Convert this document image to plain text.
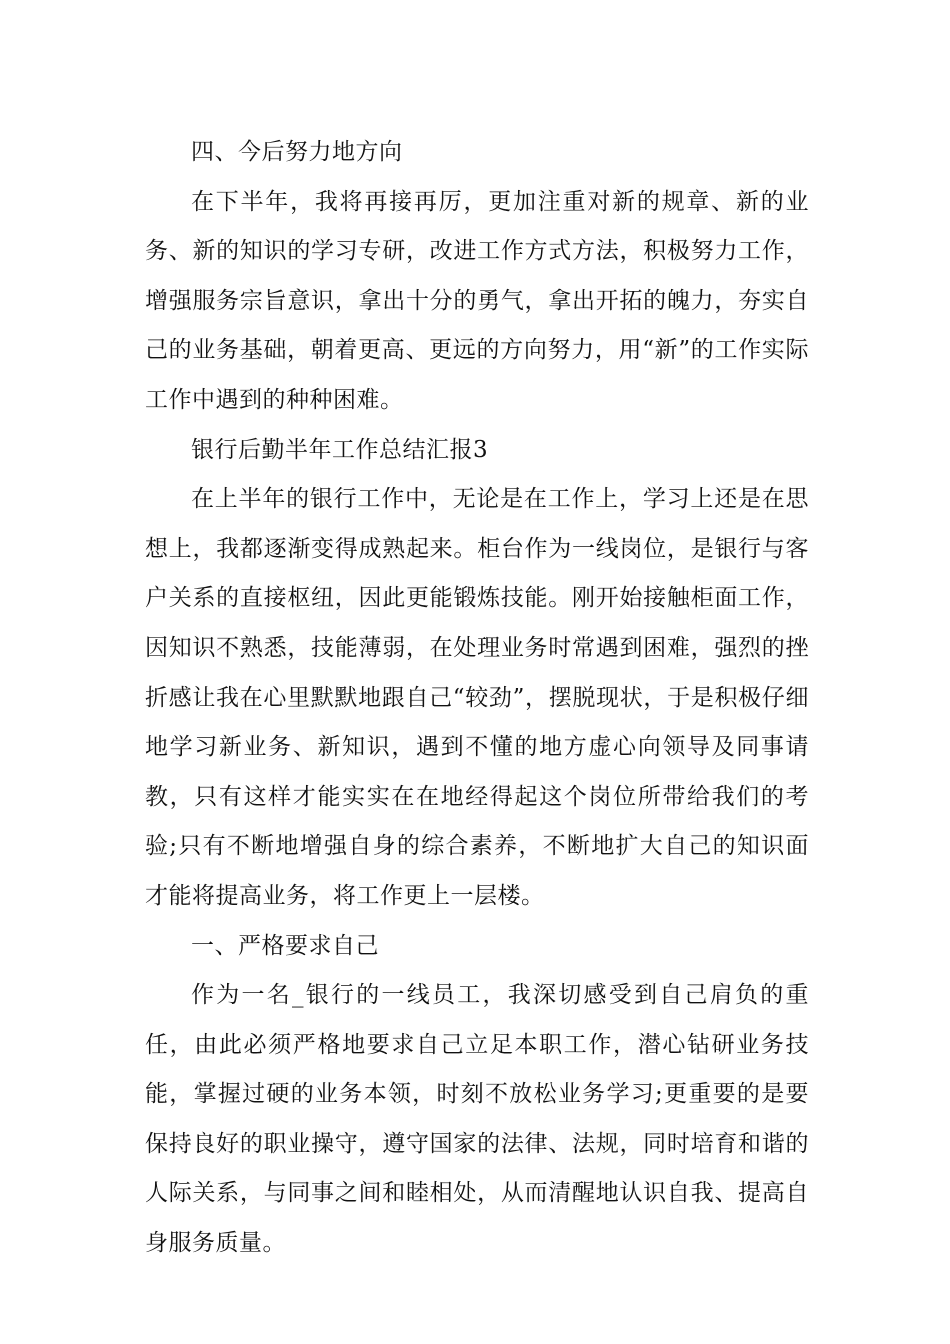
四、今后努力地方向

在下半年，我将再接再厉，更加注重对新的规章、新的业务、新的知识的学习专研，改进工作方式方法，积极努力工作，增强服务宗旨意识，拿出十分的勇气，拿出开拓的魄力，夯实自己的业务基础，朝着更高、更远的方向努力，用“新”的工作实际工作中遇到的种种困难。

银行后勤半年工作总结汇报3

在上半年的银行工作中，无论是在工作上，学习上还是在思想上，我都逐渐变得成熟起来。柜台作为一线岗位，是银行与客户关系的直接枢纽，因此更能锻炼技能。刚开始接触柜面工作，因知识不熟悉，技能薄弱，在处理业务时常遇到困难，强烈的挫折感让我在心里默默地跟自己“较劲”，摆脱现状，于是积极仔细地学习新业务、新知识，遇到不懂的地方虚心向领导及同事请教，只有这样才能实实在在地经得起这个岗位所带给我们的考验;只有不断地增强自身的综合素养，不断地扩大自己的知识面才能将提高业务，将工作更上一层楼。

一、严格要求自己

作为一名_银行的一线员工，我深切感受到自己肩负的重任，由此必须严格地要求自己立足本职工作，潜心钻研业务技能，掌握过硬的业务本领，时刻不放松业务学习;更重要的是要保持良好的职业操守，遵守国家的法律、法规，同时培育和谐的人际关系，与同事之间和睦相处，从而清醒地认识自我、提高自身服务质量。
